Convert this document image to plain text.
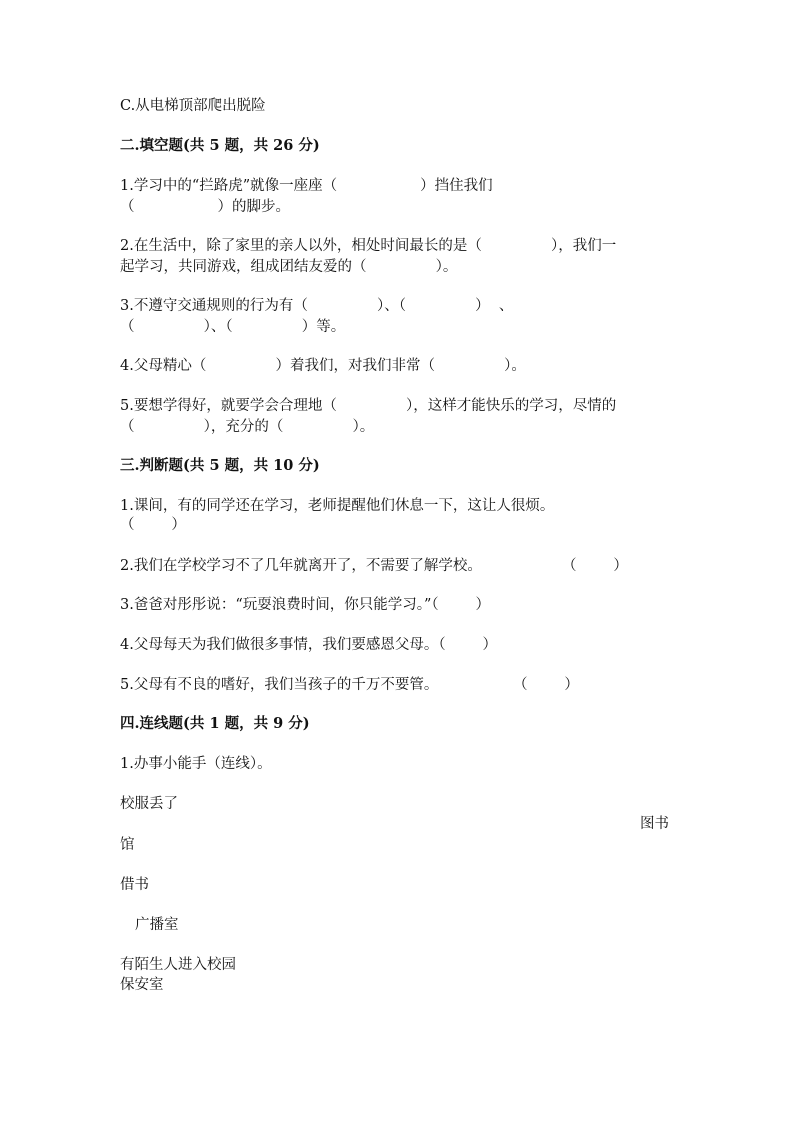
C.从电梯顶部爬出脱险
二.填空题(共 5 题，共 26 分)
1.学习中的“拦路虎”就像一座座（                  ）挡住我们
（                  ）的脚步。
2.在生活中，除了家里的亲人以外，相处时间最长的是（               ），我们一
起学习，共同游戏，组成团结友爱的（               ）。
3.不遵守交通规则的行为有（               ）、（               ）  、
（               ）、（               ）等。
4.父母精心（               ）着我们，对我们非常（               ）。
5.要想学得好，就要学会合理地（               ），这样才能快乐的学习，尽情的
（               ），充分的（               ）。
三.判断题(共 5 题，共 10 分)
1.课间，有的同学还在学习，老师提醒他们休息一下，这让人很烦。
（        ）
2.我们在学校学习不了几年就离开了，不需要了解学校。	（        ）
3.爸爸对彤彤说：“玩耍浪费时间，你只能学习。”（        ）
4.父母每天为我们做很多事情，我们要感恩父母。（        ）
5.父母有不良的嗜好，我们当孩子的千万不要管。	（        ）
四.连线题(共 1 题，共 9 分)
1.办事小能手（连线）。
校服丢了
图书
馆
借书
广播室
有陌生人进入校园
保安室
